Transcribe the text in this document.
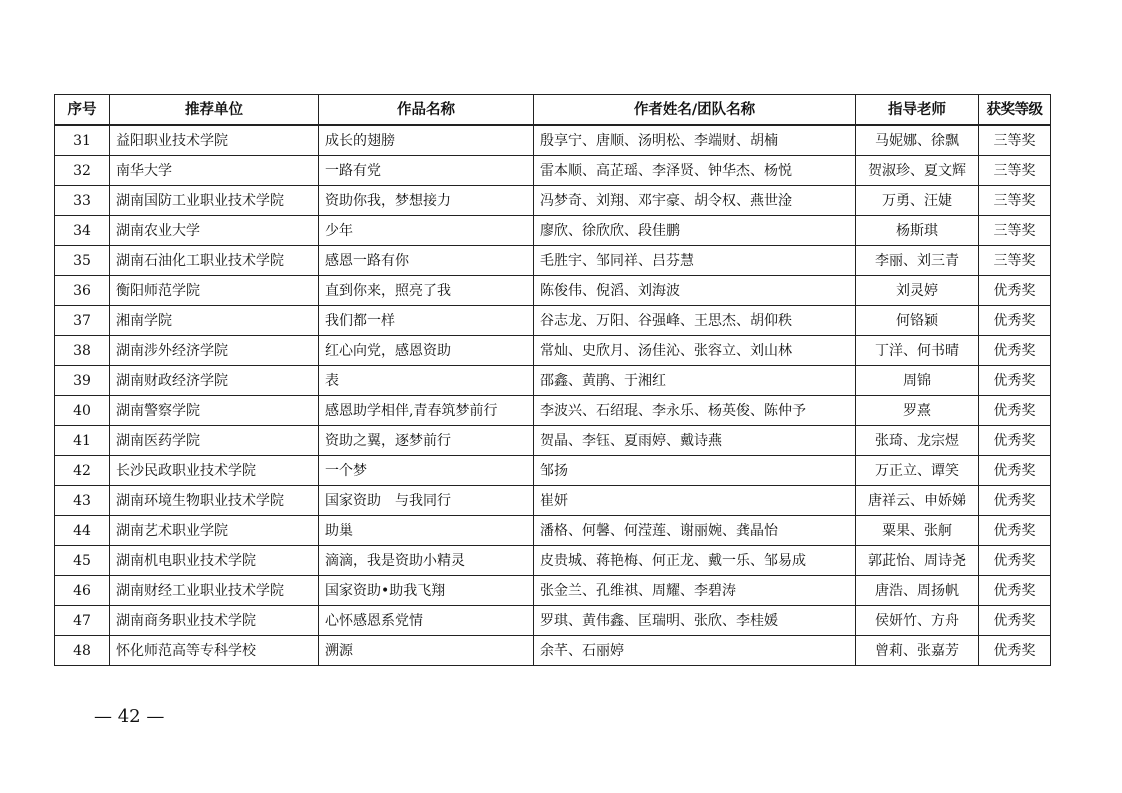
序号	推荐单位	作品名称	作者姓名/团队名称	指导老师	获奖等级
31	益阳职业技术学院	成长的翅膀	殷享宁、唐顺、汤明松、李端财、胡楠	马妮娜、徐飘	三等奖
32	南华大学	一路有党	雷本顺、高芷瑶、李泽贤、钟华杰、杨悦	贺淑珍、夏文辉	三等奖
33	湖南国防工业职业技术学院	资助你我，梦想接力	冯梦奇、刘翔、邓宇豪、胡令权、燕世淦	万勇、汪婕	三等奖
34	湖南农业大学	少年	廖欣、徐欣欣、段佳鹏	杨斯琪	三等奖
35	湖南石油化工职业技术学院	感恩一路有你	毛胜宇、邹同祥、吕芬慧	李丽、刘三青	三等奖
36	衡阳师范学院	直到你来，照亮了我	陈俊伟、倪滔、刘海波	刘灵婷	优秀奖
37	湘南学院	我们都一样	谷志龙、万阳、谷强峰、王思杰、胡仰秩	何铬颖	优秀奖
38	湖南涉外经济学院	红心向党，感恩资助	常灿、史欣月、汤佳沁、张容立、刘山林	丁洋、何书晴	优秀奖
39	湖南财政经济学院	表	邵鑫、黄鹃、于湘红	周锦	优秀奖
40	湖南警察学院	感恩助学相伴,青春筑梦前行	李波兴、石绍琨、李永乐、杨英俊、陈仲予	罗熹	优秀奖
41	湖南医药学院	资助之翼，逐梦前行	贺晶、李钰、夏雨婷、戴诗燕	张琦、龙宗煜	优秀奖
42	长沙民政职业技术学院	一个梦	邹扬	万正立、谭笑	优秀奖
43	湖南环境生物职业技术学院	国家资助　与我同行	崔妍	唐祥云、申娇娣	优秀奖
44	湖南艺术职业学院	助巢	潘格、何馨、何滢莲、谢丽婉、龚晶怡	粟果、张舸	优秀奖
45	湖南机电职业技术学院	滴滴，我是资助小精灵	皮贵城、蒋艳梅、何正龙、戴一乐、邹易成	郭茈怡、周诗尧	优秀奖
46	湖南财经工业职业技术学院	国家资助•助我飞翔	张金兰、孔维祺、周耀、李碧涛	唐浩、周扬帆	优秀奖
47	湖南商务职业技术学院	心怀感恩系党情	罗琪、黄伟鑫、匡瑞明、张欣、李桂媛	侯妍竹、方舟	优秀奖
48	怀化师范高等专科学校	溯源	余芊、石丽婷	曾莉、张嘉芳	优秀奖
— 42 —
